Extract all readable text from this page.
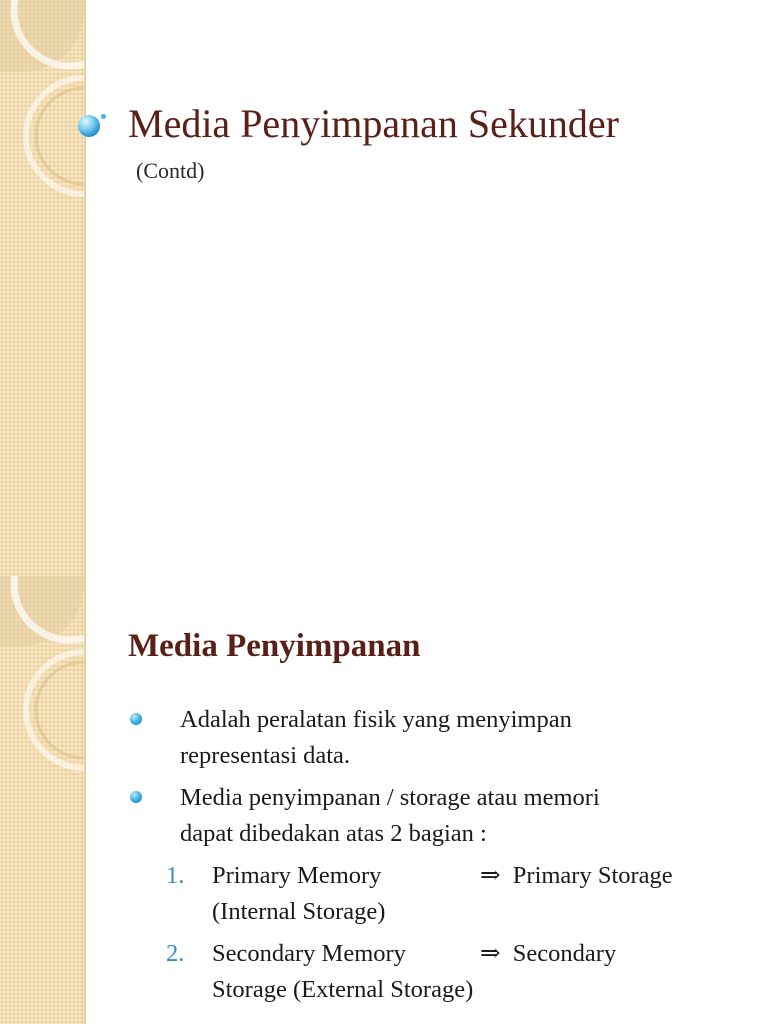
Media Penyimpanan Sekunder
(Contd)
Media Penyimpanan
Adalah peralatan fisik yang menyimpan
representasi data.
Media penyimpanan / storage atau memori
dapat dibedakan atas 2 bagian :
1. Primary Memory	⇒ Primary Storage
(Internal Storage)
2. Secondary Memory	⇒ Secondary
Storage (External Storage)
